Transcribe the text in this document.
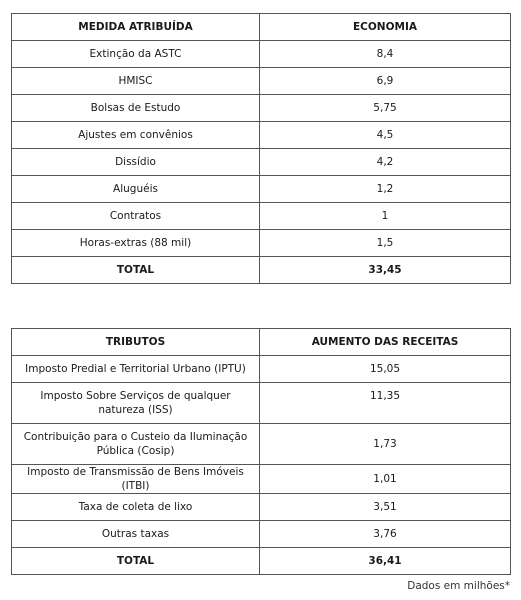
MEDIDA ATRIBUÍDA	ECONOMIA
Extinção da ASTC	8,4
HMISC	6,9
Bolsas de Estudo	5,75
Ajustes em convênios	4,5
Dissídio	4,2
Aluguéis	1,2
Contratos	1
Horas-extras (88 mil)	1,5
TOTAL	33,45
TRIBUTOS	AUMENTO DAS RECEITAS
Imposto Predial e Territorial Urbano (IPTU)	15,05
Imposto Sobre Serviços de qualquer natureza (ISS)	11,35
Contribuição para o Custeio da Iluminação Pública (Cosip)	1,73
Imposto de Transmissão de Bens Imóveis (ITBI)	1,01
Taxa de coleta de lixo	3,51
Outras taxas	3,76
TOTAL	36,41
Dados em milhões*
